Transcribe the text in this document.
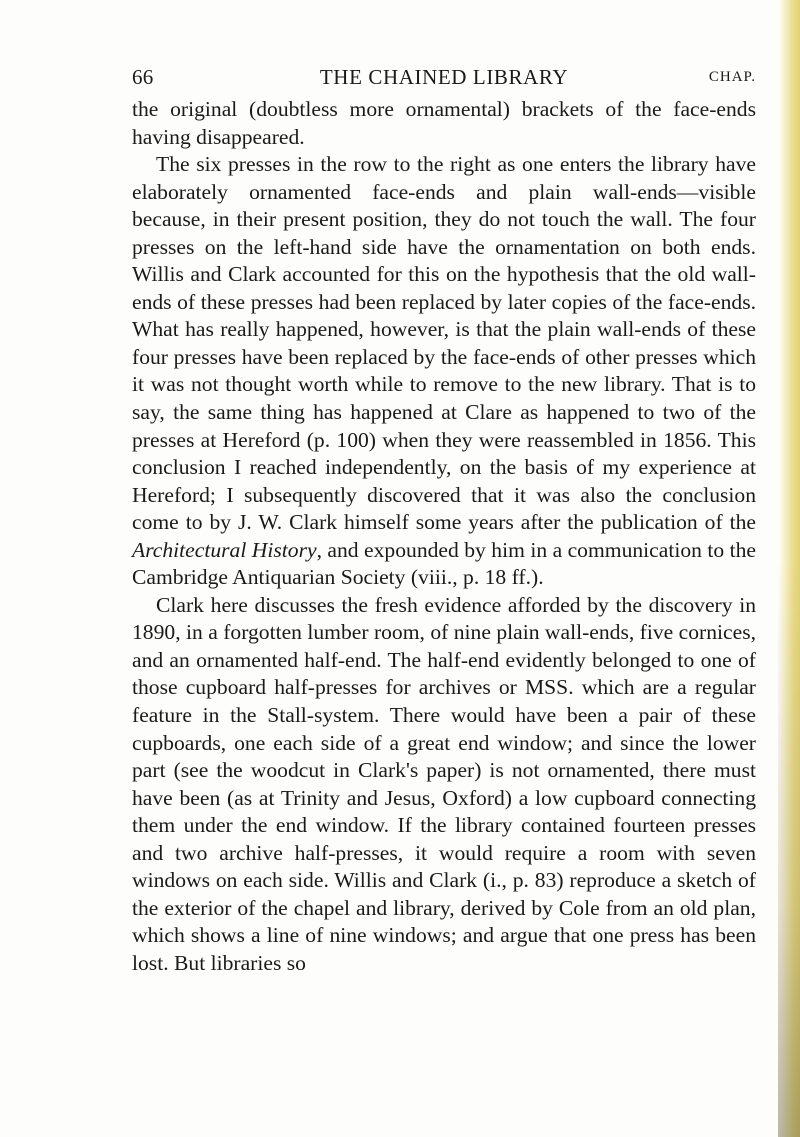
66	THE CHAINED LIBRARY	CHAP.

the original (doubtless more ornamental) brackets of the face-ends having disappeared.

The six presses in the row to the right as one enters the library have elaborately ornamented face-ends and plain wall-ends—visible because, in their present position, they do not touch the wall. The four presses on the left-hand side have the ornamentation on both ends. Willis and Clark accounted for this on the hypothesis that the old wall-ends of these presses had been replaced by later copies of the face-ends. What has really happened, however, is that the plain wall-ends of these four presses have been replaced by the face-ends of other presses which it was not thought worth while to remove to the new library. That is to say, the same thing has happened at Clare as happened to two of the presses at Hereford (p. 100) when they were reassembled in 1856. This conclusion I reached independently, on the basis of my experience at Hereford; I subsequently discovered that it was also the conclusion come to by J. W. Clark himself some years after the publication of the Architectural History, and expounded by him in a communication to the Cambridge Antiquarian Society (viii., p. 18 ff.).

Clark here discusses the fresh evidence afforded by the discovery in 1890, in a forgotten lumber room, of nine plain wall-ends, five cornices, and an ornamented half-end. The half-end evidently belonged to one of those cupboard half-presses for archives or MSS. which are a regular feature in the Stall-system. There would have been a pair of these cupboards, one each side of a great end window; and since the lower part (see the woodcut in Clark's paper) is not ornamented, there must have been (as at Trinity and Jesus, Oxford) a low cupboard connecting them under the end window. If the library contained fourteen presses and two archive half-presses, it would require a room with seven windows on each side. Willis and Clark (i., p. 83) reproduce a sketch of the exterior of the chapel and library, derived by Cole from an old plan, which shows a line of nine windows; and argue that one press has been lost. But libraries so
